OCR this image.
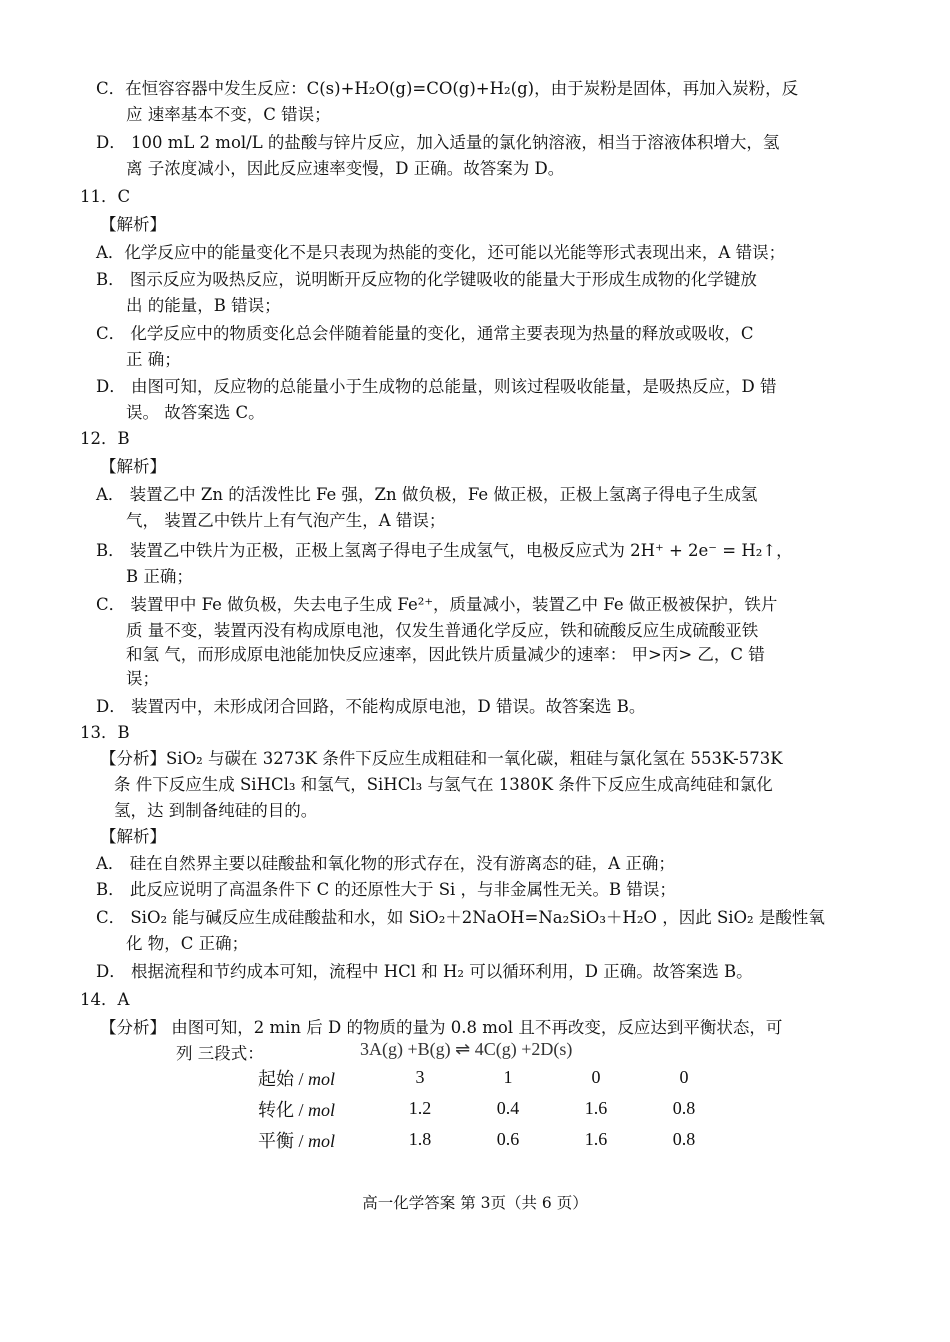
C．在恒容容器中发生反应：C(s)+H₂O(g)=CO(g)+H₂(g)，由于炭粉是固体，再加入炭粉，反
应 速率基本不变，C 错误；
D． 100 mL 2 mol/L 的盐酸与锌片反应，加入适量的氯化钠溶液，相当于溶液体积增大，氢
离 子浓度减小，因此反应速率变慢，D 正确。故答案为 D。
11．C
【解析】
A．化学反应中的能量变化不是只表现为热能的变化，还可能以光能等形式表现出来，A 错误；
B． 图示反应为吸热反应，说明断开反应物的化学键吸收的能量大于形成生成物的化学键放
出 的能量，B 错误；
C． 化学反应中的物质变化总会伴随着能量的变化，通常主要表现为热量的释放或吸收，C
正 确；
D． 由图可知，反应物的总能量小于生成物的总能量，则该过程吸收能量，是吸热反应，D 错
误。 故答案选 C。
12．B
【解析】
A． 装置乙中 Zn 的活泼性比 Fe 强，Zn 做负极，Fe 做正极，正极上氢离子得电子生成氢
气， 装置乙中铁片上有气泡产生，A 错误；
B． 装置乙中铁片为正极，正极上氢离子得电子生成氢气，电极反应式为 2H⁺ + 2e⁻ = H₂↑，
B 正确；
C． 装置甲中 Fe 做负极，失去电子生成 Fe²⁺，质量减小，装置乙中 Fe 做正极被保护，铁片
质 量不变，装置丙没有构成原电池，仅发生普通化学反应，铁和硫酸反应生成硫酸亚铁
和氢 气，而形成原电池能加快反应速率，因此铁片质量减少的速率： 甲>丙> 乙，C 错
误；
D． 装置丙中，未形成闭合回路，不能构成原电池，D 错误。故答案选 B。
13．B
【分析】SiO₂ 与碳在 3273K 条件下反应生成粗硅和一氧化碳，粗硅与氯化氢在 553K-573K
条 件下反应生成 SiHCl₃ 和氢气，SiHCl₃ 与氢气在 1380K 条件下反应生成高纯硅和氯化
氢，达 到制备纯硅的目的。
【解析】
A． 硅在自然界主要以硅酸盐和氧化物的形式存在，没有游离态的硅，A 正确；
B． 此反应说明了高温条件下 C 的还原性大于 Si ，与非金属性无关。B 错误；
C． SiO₂ 能与碱反应生成硅酸盐和水，如 SiO₂＋2NaOH=Na₂SiO₃＋H₂O ，因此 SiO₂ 是酸性氧
化 物，C 正确；
D． 根据流程和节约成本可知，流程中 HCl 和 H₂ 可以循环利用，D 正确。故答案选 B。
14．A
【分析】 由图可知，2 min 后 D 的物质的量为 0.8 mol 且不再改变，反应达到平衡状态，可
列 三段式：	3A(g) +B(g) ⇌ 4C(g) +2D(s)
起始 / mol	3	1	0	0
转化 / mol	1.2	0.4	1.6	0.8
平衡 / mol	1.8	0.6	1.6	0.8
高一化学答案 第 3页（共 6 页）
